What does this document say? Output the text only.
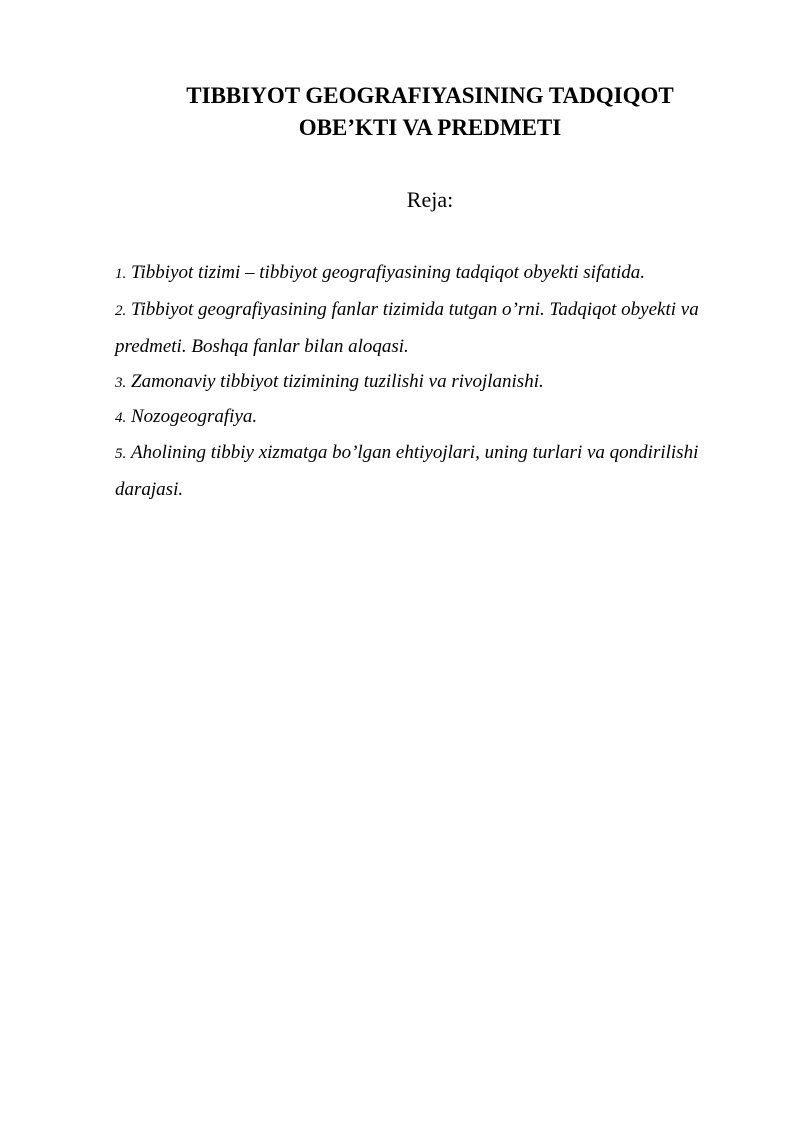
TIBBIYOT GEOGRAFIYASINING TADQIQOT
OBE’KTI VA PREDMETI
Reja:
1. Tibbiyot tizimi – tibbiyot geografiyasining tadqiqot obyekti sifatida.
2. Tibbiyot geografiyasining fanlar tizimida tutgan o’rni. Tadqiqot obyekti va predmeti. Boshqa fanlar bilan aloqasi.
3. Zamonaviy tibbiyot tizimining tuzilishi va rivojlanishi.
4. Nozogeografiya.
5. Aholining tibbiy xizmatga bo’lgan ehtiyojlari, uning turlari va qondirilishi darajasi.
